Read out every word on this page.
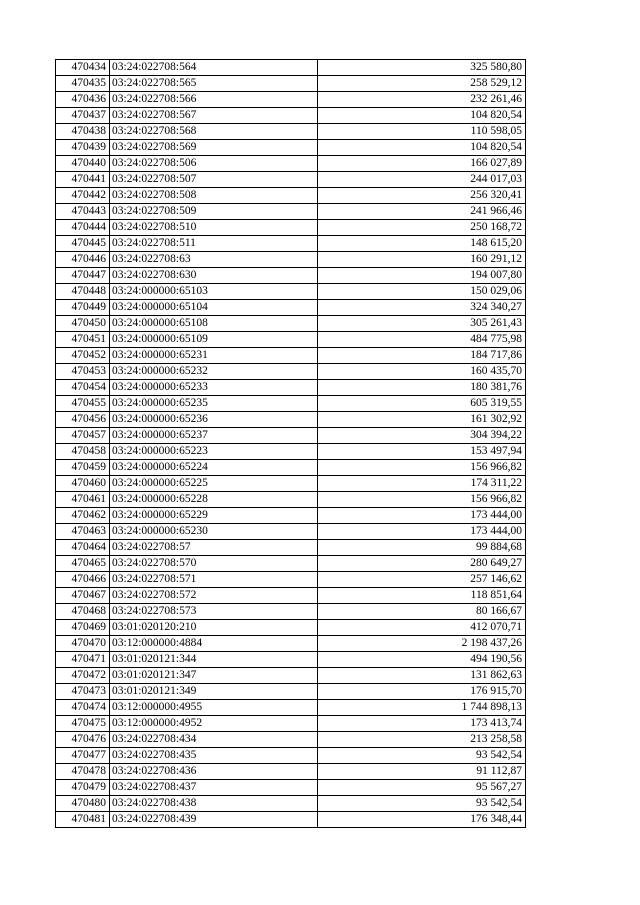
470434	03:24:022708:564	325 580,80
470435	03:24:022708:565	258 529,12
470436	03:24:022708:566	232 261,46
470437	03:24:022708:567	104 820,54
470438	03:24:022708:568	110 598,05
470439	03:24:022708:569	104 820,54
470440	03:24:022708:506	166 027,89
470441	03:24:022708:507	244 017,03
470442	03:24:022708:508	256 320,41
470443	03:24:022708:509	241 966,46
470444	03:24:022708:510	250 168,72
470445	03:24:022708:511	148 615,20
470446	03:24:022708:63	160 291,12
470447	03:24:022708:630	194 007,80
470448	03:24:000000:65103	150 029,06
470449	03:24:000000:65104	324 340,27
470450	03:24:000000:65108	305 261,43
470451	03:24:000000:65109	484 775,98
470452	03:24:000000:65231	184 717,86
470453	03:24:000000:65232	160 435,70
470454	03:24:000000:65233	180 381,76
470455	03:24:000000:65235	605 319,55
470456	03:24:000000:65236	161 302,92
470457	03:24:000000:65237	304 394,22
470458	03:24:000000:65223	153 497,94
470459	03:24:000000:65224	156 966,82
470460	03:24:000000:65225	174 311,22
470461	03:24:000000:65228	156 966,82
470462	03:24:000000:65229	173 444,00
470463	03:24:000000:65230	173 444,00
470464	03:24:022708:57	99 884,68
470465	03:24:022708:570	280 649,27
470466	03:24:022708:571	257 146,62
470467	03:24:022708:572	118 851,64
470468	03:24:022708:573	80 166,67
470469	03:01:020120:210	412 070,71
470470	03:12:000000:4884	2 198 437,26
470471	03:01:020121:344	494 190,56
470472	03:01:020121:347	131 862,63
470473	03:01:020121:349	176 915,70
470474	03:12:000000:4955	1 744 898,13
470475	03:12:000000:4952	173 413,74
470476	03:24:022708:434	213 258,58
470477	03:24:022708:435	93 542,54
470478	03:24:022708:436	91 112,87
470479	03:24:022708:437	95 567,27
470480	03:24:022708:438	93 542,54
470481	03:24:022708:439	176 348,44
